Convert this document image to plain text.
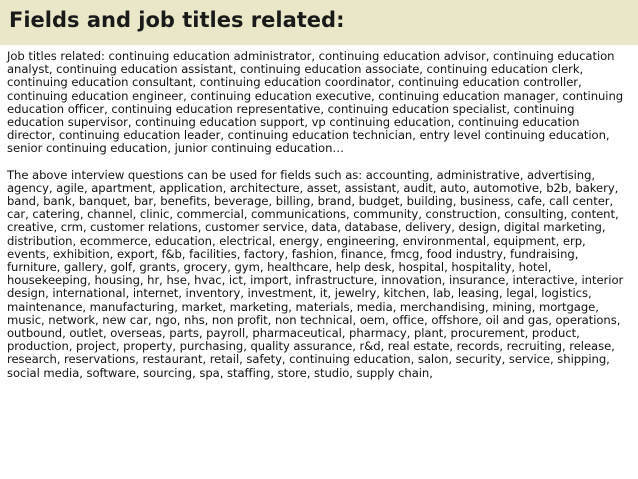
Fields and job titles related:

Job titles related: continuing education administrator, continuing education advisor, continuing education analyst, continuing education assistant, continuing education associate, continuing education clerk, continuing education consultant, continuing education coordinator, continuing education controller, continuing education engineer, continuing education executive, continuing education manager, continuing education officer, continuing education representative, continuing education specialist, continuing education supervisor, continuing education support, vp continuing education, continuing education director, continuing education leader, continuing education technician, entry level continuing education, senior continuing education, junior continuing education…

The above interview questions can be used for fields such as: accounting, administrative, advertising, agency, agile, apartment, application, architecture, asset, assistant, audit, auto, automotive, b2b, bakery, band, bank, banquet, bar, benefits, beverage, billing, brand, budget, building, business, cafe, call center, car, catering, channel, clinic, commercial, communications, community, construction, consulting, content, creative, crm, customer relations, customer service, data, database, delivery, design, digital marketing, distribution, ecommerce, education, electrical, energy, engineering, environmental, equipment, erp, events, exhibition, export, f&b, facilities, factory, fashion, finance, fmcg, food industry, fundraising, furniture, gallery, golf, grants, grocery, gym, healthcare, help desk, hospital, hospitality, hotel, housekeeping, housing, hr, hse, hvac, ict, import, infrastructure, innovation, insurance, interactive, interior design, international, internet, inventory, investment, it, jewelry, kitchen, lab, leasing, legal, logistics, maintenance, manufacturing, market, marketing, materials, media, merchandising, mining, mortgage, music, network, new car, ngo, nhs, non profit, non technical, oem, office, offshore, oil and gas, operations, outbound, outlet, overseas, parts, payroll, pharmaceutical, pharmacy, plant, procurement, product, production, project, property, purchasing, quality assurance, r&d, real estate, records, recruiting, release, research, reservations, restaurant, retail, safety, continuing education, salon, security, service, shipping, social media, software, sourcing, spa, staffing, store, studio, supply chain,
